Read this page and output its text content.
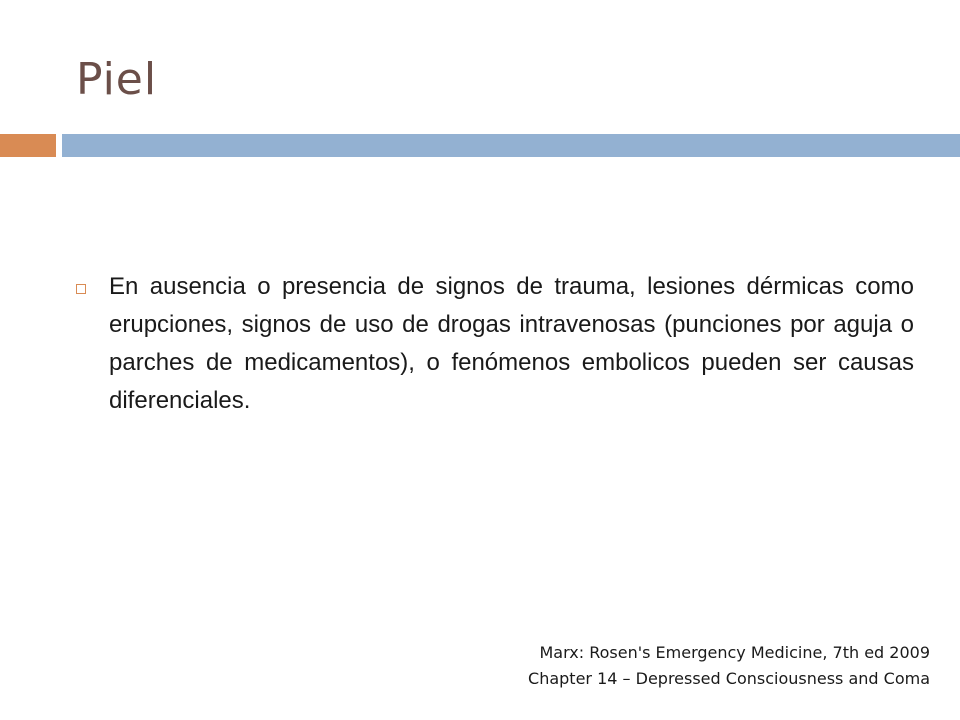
Piel
En ausencia o presencia de signos de trauma, lesiones dérmicas como erupciones, signos de uso de drogas intravenosas (punciones por aguja o parches de medicamentos), o fenómenos embolicos pueden ser causas diferenciales.
Marx: Rosen's Emergency Medicine, 7th ed 2009
Chapter 14 – Depressed Consciousness and Coma
